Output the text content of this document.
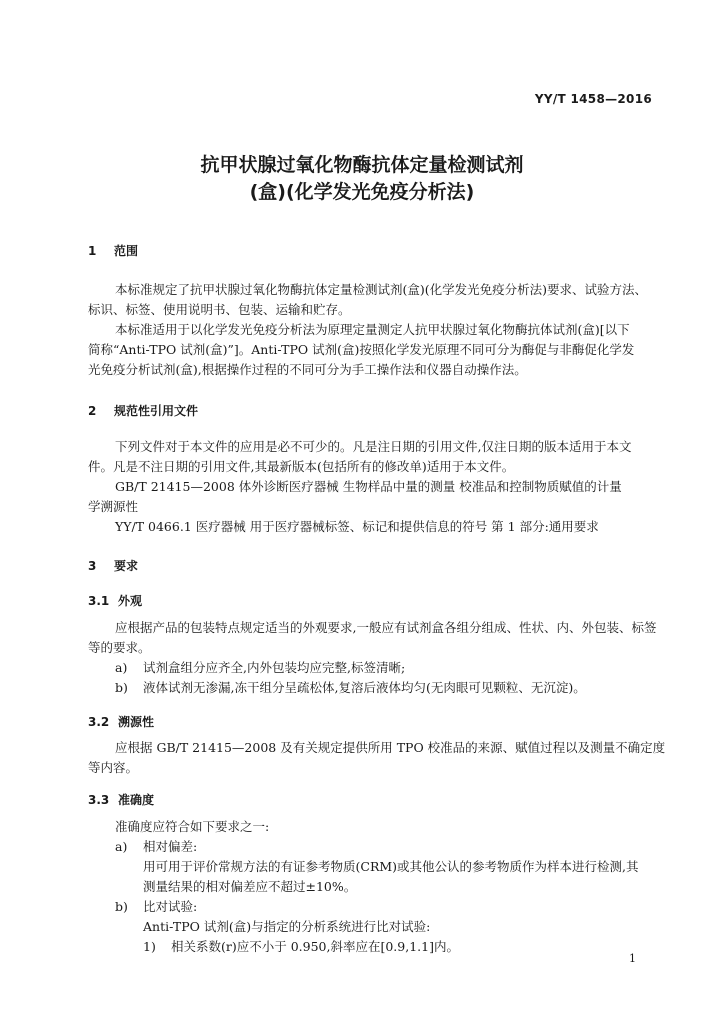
YY/T 1458—2016
抗甲状腺过氧化物酶抗体定量检测试剂
(盒)(化学发光免疫分析法)
1 范围
本标准规定了抗甲状腺过氧化物酶抗体定量检测试剂(盒)(化学发光免疫分析法)要求、试验方法、
标识、标签、使用说明书、包装、运输和贮存。
本标准适用于以化学发光免疫分析法为原理定量测定人抗甲状腺过氧化物酶抗体试剂(盒)[以下
简称“Anti-TPO 试剂(盒)”]。Anti-TPO 试剂(盒)按照化学发光原理不同可分为酶促与非酶促化学发
光免疫分析试剂(盒),根据操作过程的不同可分为手工操作法和仪器自动操作法。
2 规范性引用文件
下列文件对于本文件的应用是必不可少的。凡是注日期的引用文件,仅注日期的版本适用于本文
件。凡是不注日期的引用文件,其最新版本(包括所有的修改单)适用于本文件。
GB/T 21415—2008 体外诊断医疗器械 生物样品中量的测量 校准品和控制物质赋值的计量
学溯源性
YY/T 0466.1 医疗器械 用于医疗器械标签、标记和提供信息的符号 第 1 部分:通用要求
3 要求
3.1 外观
应根据产品的包装特点规定适当的外观要求,一般应有试剂盒各组分组成、性状、内、外包装、标签
等的要求。
a) 试剂盒组分应齐全,内外包装均应完整,标签清晰;
b) 液体试剂无渗漏,冻干组分呈疏松体,复溶后液体均匀(无肉眼可见颗粒、无沉淀)。
3.2 溯源性
应根据 GB/T 21415—2008 及有关规定提供所用 TPO 校准品的来源、赋值过程以及测量不确定度
等内容。
3.3 准确度
准确度应符合如下要求之一:
a) 相对偏差:
用可用于评价常规方法的有证参考物质(CRM)或其他公认的参考物质作为样本进行检测,其
测量结果的相对偏差应不超过±10%。
b) 比对试验:
Anti-TPO 试剂(盒)与指定的分析系统进行比对试验:
1) 相关系数(r)应不小于 0.950,斜率应在[0.9,1.1]内。
1
